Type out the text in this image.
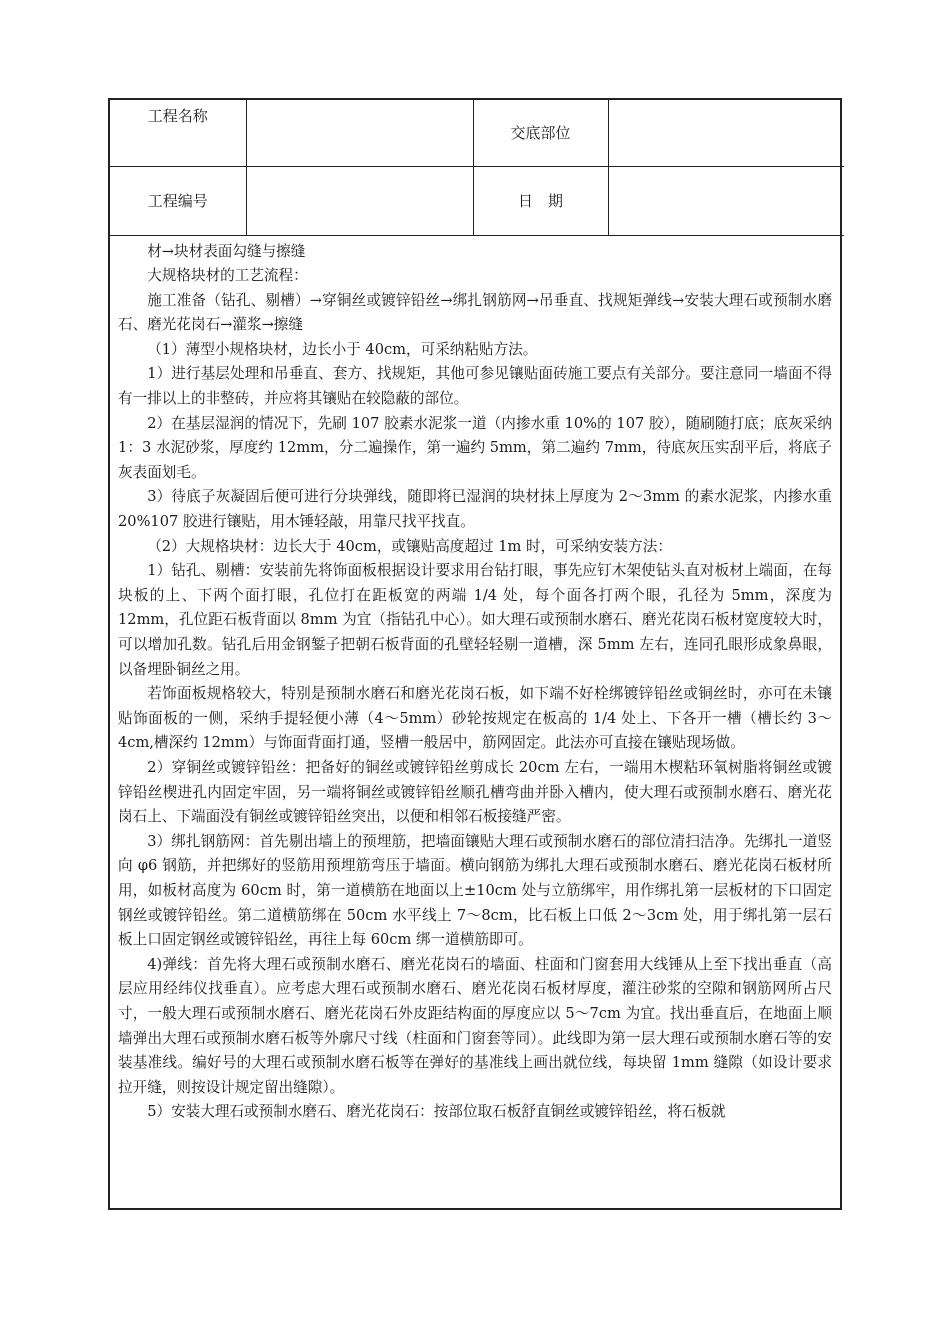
工程名称		交底部位	
工程编号		日　期	

材→块材表面勾缝与擦缝

大规格块材的工艺流程：

施工准备（钻孔、剔槽）→穿铜丝或镀锌铅丝→绑扎钢筋网→吊垂直、找规矩弹线→安装大理石或预制水磨石、磨光花岗石→灌浆→擦缝

（1）薄型小规格块材，边长小于 40cm，可采纳粘贴方法。

1）进行基层处理和吊垂直、套方、找规矩，其他可参见镶贴面砖施工要点有关部分。要注意同一墙面不得有一排以上的非整砖，并应将其镶贴在较隐蔽的部位。

2）在基层湿润的情况下，先刷 107 胶素水泥浆一道（内掺水重 10%的 107 胶），随刷随打底；底灰采纳 1：3 水泥砂浆，厚度约 12mm，分二遍操作，第一遍约 5mm，第二遍约 7mm，待底灰压实刮平后，将底子灰表面划毛。

3）待底子灰凝固后便可进行分块弹线，随即将已湿润的块材抹上厚度为 2～3mm 的素水泥浆，内掺水重 20%107 胶进行镶贴，用木锤轻敲，用靠尺找平找直。

（2）大规格块材：边长大于 40cm，或镶贴高度超过 1m 时，可采纳安装方法：

1）钻孔、剔槽：安装前先将饰面板根据设计要求用台钻打眼，事先应钉木架使钻头直对板材上端面，在每块板的上、下两个面打眼，孔位打在距板宽的两端 1/4 处，每个面各打两个眼，孔径为 5mm，深度为 12mm，孔位距石板背面以 8mm 为宜（指钻孔中心）。如大理石或预制水磨石、磨光花岗石板材宽度较大时，可以增加孔数。钻孔后用金钢錾子把朝石板背面的孔壁轻轻剔一道槽，深 5mm 左右，连同孔眼形成象鼻眼，以备埋卧铜丝之用。

若饰面板规格较大，特别是预制水磨石和磨光花岗石板，如下端不好栓绑镀锌铅丝或铜丝时，亦可在未镶贴饰面板的一侧，采纳手提轻便小薄（4～5mm）砂轮按规定在板高的 1/4 处上、下各开一槽（槽长约 3～4cm,槽深约 12mm）与饰面背面打通，竖槽一般居中，筋网固定。此法亦可直接在镶贴现场做。

2）穿铜丝或镀锌铅丝：把备好的铜丝或镀锌铅丝剪成长 20cm 左右，一端用木楔粘环氧树脂将铜丝或镀锌铅丝楔进孔内固定牢固，另一端将铜丝或镀锌铅丝顺孔槽弯曲并卧入槽内，使大理石或预制水磨石、磨光花岗石上、下端面没有铜丝或镀锌铅丝突出，以便和相邻石板接缝严密。

3）绑扎钢筋网：首先剔出墙上的预埋筋，把墙面镶贴大理石或预制水磨石的部位清扫洁净。先绑扎一道竖向 φ6 钢筋，并把绑好的竖筋用预埋筋弯压于墙面。横向钢筋为绑扎大理石或预制水磨石、磨光花岗石板材所用，如板材高度为 60cm 时，第一道横筋在地面以上±10cm 处与立筋绑牢，用作绑扎第一层板材的下口固定钢丝或镀锌铅丝。第二道横筋绑在 50cm 水平线上 7～8cm，比石板上口低 2～3cm 处，用于绑扎第一层石板上口固定钢丝或镀锌铅丝，再往上每 60cm 绑一道横筋即可。

4)弹线：首先将大理石或预制水磨石、磨光花岗石的墙面、柱面和门窗套用大线锤从上至下找出垂直（高层应用经纬仪找垂直）。应考虑大理石或预制水磨石、磨光花岗石板材厚度，灌注砂浆的空隙和钢筋网所占尺寸，一般大理石或预制水磨石、磨光花岗石外皮距结构面的厚度应以 5～7cm 为宜。找出垂直后，在地面上顺墙弹出大理石或预制水磨石板等外廓尺寸线（柱面和门窗套等同）。此线即为第一层大理石或预制水磨石等的安装基准线。编好号的大理石或预制水磨石板等在弹好的基准线上画出就位线，每块留 1mm 缝隙（如设计要求拉开缝，则按设计规定留出缝隙）。

5）安装大理石或预制水磨石、磨光花岗石：按部位取石板舒直铜丝或镀锌铅丝，将石板就
